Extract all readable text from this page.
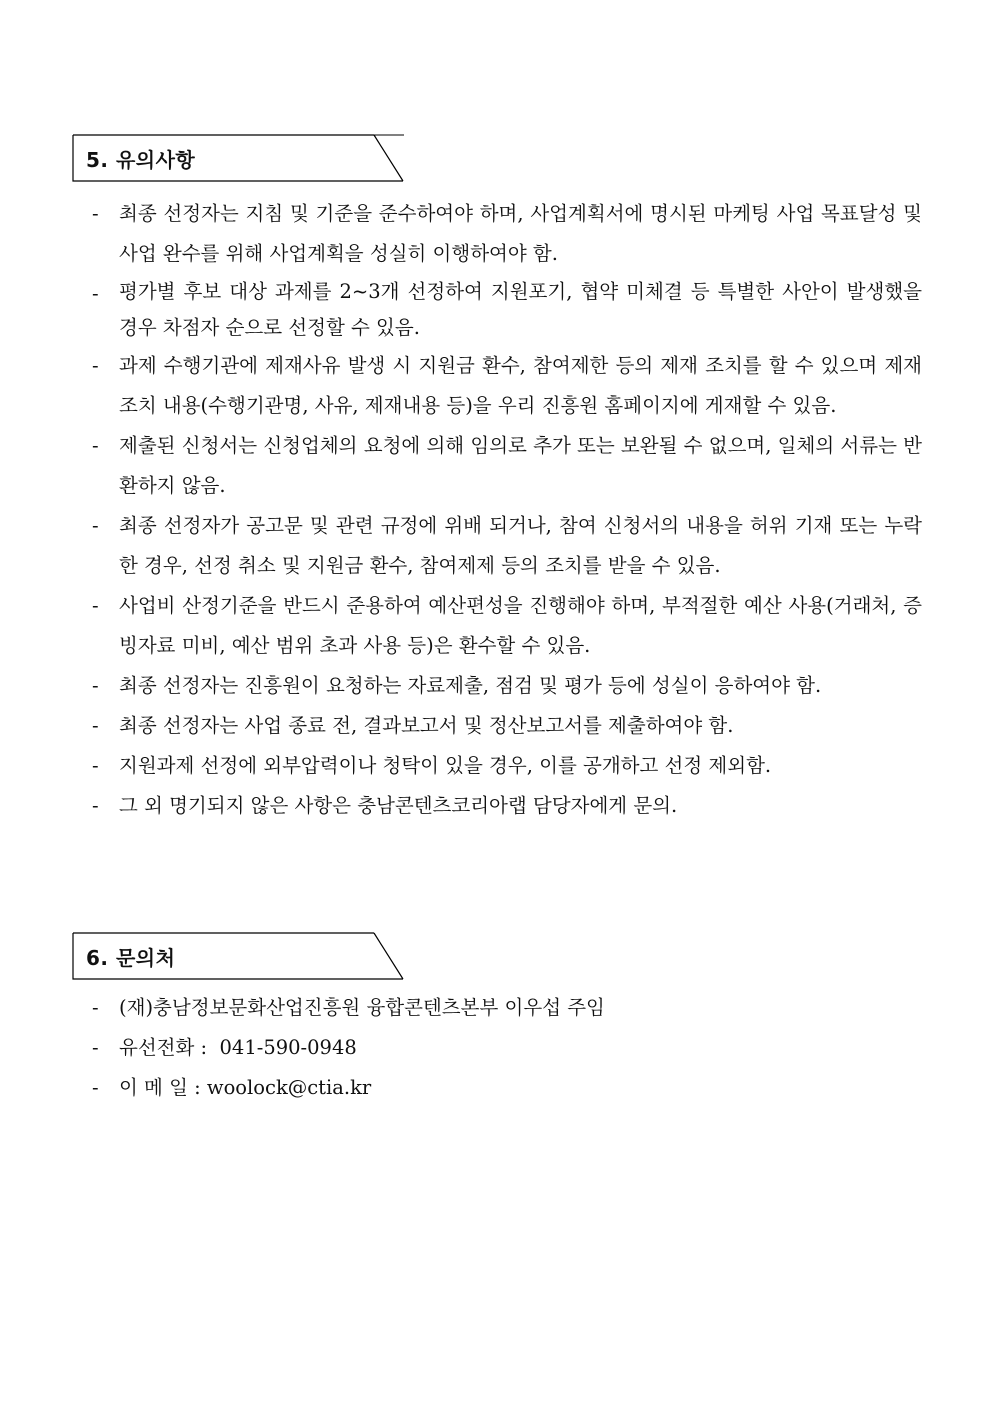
5. 유의사항
- 최종 선정자는 지침 및 기준을 준수하여야 하며, 사업계획서에 명시된 마케팅 사업 목표달성 및 사업 완수를 위해 사업계획을 성실히 이행하여야 함.
- 평가별 후보 대상 과제를 2~3개 선정하여 지원포기, 협약 미체결 등 특별한 사안이 발생했을 경우 차점자 순으로 선정할 수 있음.
- 과제 수행기관에 제재사유 발생 시 지원금 환수, 참여제한 등의 제재 조치를 할 수 있으며 제재조치 내용(수행기관명, 사유, 제재내용 등)을 우리 진흥원 홈페이지에 게재할 수 있음.
- 제출된 신청서는 신청업체의 요청에 의해 임의로 추가 또는 보완될 수 없으며, 일체의 서류는 반환하지 않음.
- 최종 선정자가 공고문 및 관련 규정에 위배 되거나, 참여 신청서의 내용을 허위 기재 또는 누락한 경우, 선정 취소 및 지원금 환수, 참여제제 등의 조치를 받을 수 있음.
- 사업비 산정기준을 반드시 준용하여 예산편성을 진행해야 하며, 부적절한 예산 사용(거래처, 증빙자료 미비, 예산 범위 초과 사용 등)은 환수할 수 있음.
- 최종 선정자는 진흥원이 요청하는 자료제출, 점검 및 평가 등에 성실이 응하여야 함.
- 최종 선정자는 사업 종료 전, 결과보고서 및 정산보고서를 제출하여야 함.
- 지원과제 선정에 외부압력이나 청탁이 있을 경우, 이를 공개하고 선정 제외함.
- 그 외 명기되지 않은 사항은 충남콘텐츠코리아랩 담당자에게 문의.
6. 문의처
- (재)충남정보문화산업진흥원 융합콘텐츠본부 이우섭 주임
- 유선전화 :  041-590-0948
- 이 메 일 : woolock@ctia.kr
